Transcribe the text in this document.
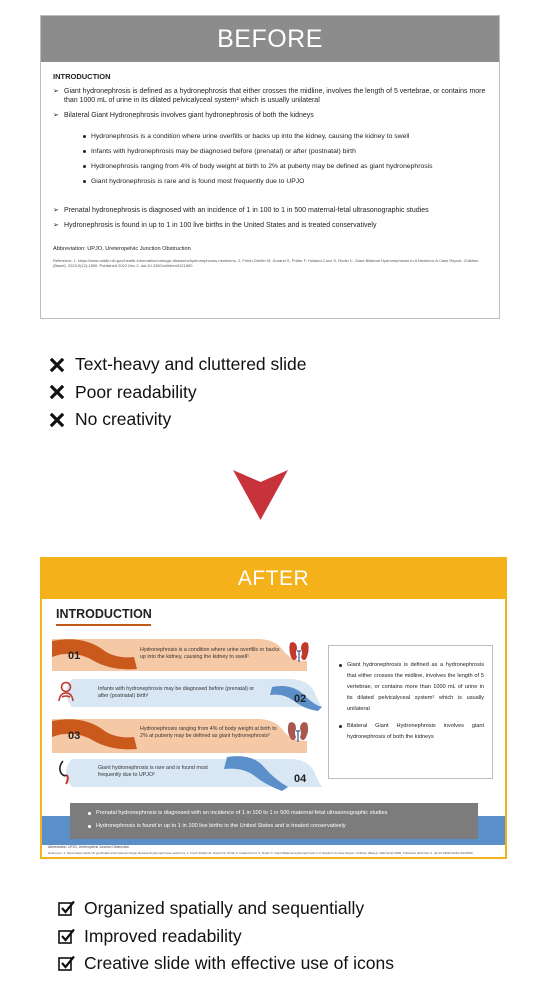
BEFORE
INTRODUCTION
➢ Giant hydronephrosis is defined as a hydronephrosis that either crosses the midline, involves the length of 5 vertebrae, or contains more than 1000 mL of urine in its dilated pelvicalyceal system² which is usually unilateral
➢ Bilateral Giant Hydronephrosis involves giant hydronephrosis of both the kidneys
Hydronephrosis is a condition where urine overfills or backs up into the kidney, causing the kidney to swell
Infants with hydronephrosis may be diagnosed before (prenatal) or after (postnatal) birth
Hydronephrosis ranging from 4% of body weight at birth to 2% at puberty may be defined as giant hydronephrosis
Giant hydronephrosis is rare and is found most frequently due to UPJO
➢ Prenatal hydronephrosis is diagnosed with an incidence of 1 in 100 to 1 in 500 maternal-fetal ultrasonographic studies
➢ Hydronephrosis is found in up to 1 in 100 live births in the United States and is treated conservatively
Abbreviation: UPJO, Ureteropelvic Junction Obstruction
Reference: 1. https://www.niddk.nih.gov/health-information/urologic-diseases/hydronephrosis-newborns. 2. Frech-Dörfler M, Durand S, Prüfer F, Holland-Cunz S, Rudin C. Giant Bilateral Hydronephrosis In A Newborn-A Case Report. Children (Basel). 2022;9(12):1890. Published 2022 Dec 2. doi:10.3390/children9121890
Text-heavy and cluttered slide
Poor readability
No creativity
AFTER
INTRODUCTION
01	Hydronephrosis is a condition where urine overfills or backs up into the kidney, causing the kidney to swell¹
Infants with hydronephrosis may be diagnosed before (prenatal) or after (postnatal) birth¹	02
03
Hydronephrosis ranging from 4% of body weight at birth to 2% at puberty may be defined as giant hydronephrosis²
Giant hydronephrosis is rare and is found most frequently due to UPJO²	04
Giant hydronephrosis is defined as a hydronephrosis that either crosses the midline, involves the length of 5 vertebrae, or contains more than 1000 mL of urine in its dilated pelvicalyceal system² which is usually unilateral
Bilateral Giant Hydronephrosis involves giant hydronephrosis of both the kidneys
Prenatal hydronephrosis is diagnosed with an incidence of 1 in 100 to 1 in 500 maternal-fetal ultrasonographic studies
Hydronephrosis is found in up to 1 in 100 live births in the United States and is treated conservatively
Abbreviation: UPJO, Ureteropelvic Junction Obstruction
Reference: 1. https://www.niddk.nih.gov/health-information/urologic-diseases/hydronephrosis-newborns. 2. Frech-Dörfler M, Durand S, Prüfer F, Holland-Cunz S, Rudin C. Giant Bilateral Hydronephrosis In A Newborn-A Case Report. Children (Basel). 2022;9(12):1890. Published 2022 Dec 2. doi:10.3390/children9121890
Organized spatially and sequentially
Improved readability
Creative slide with effective use of icons
